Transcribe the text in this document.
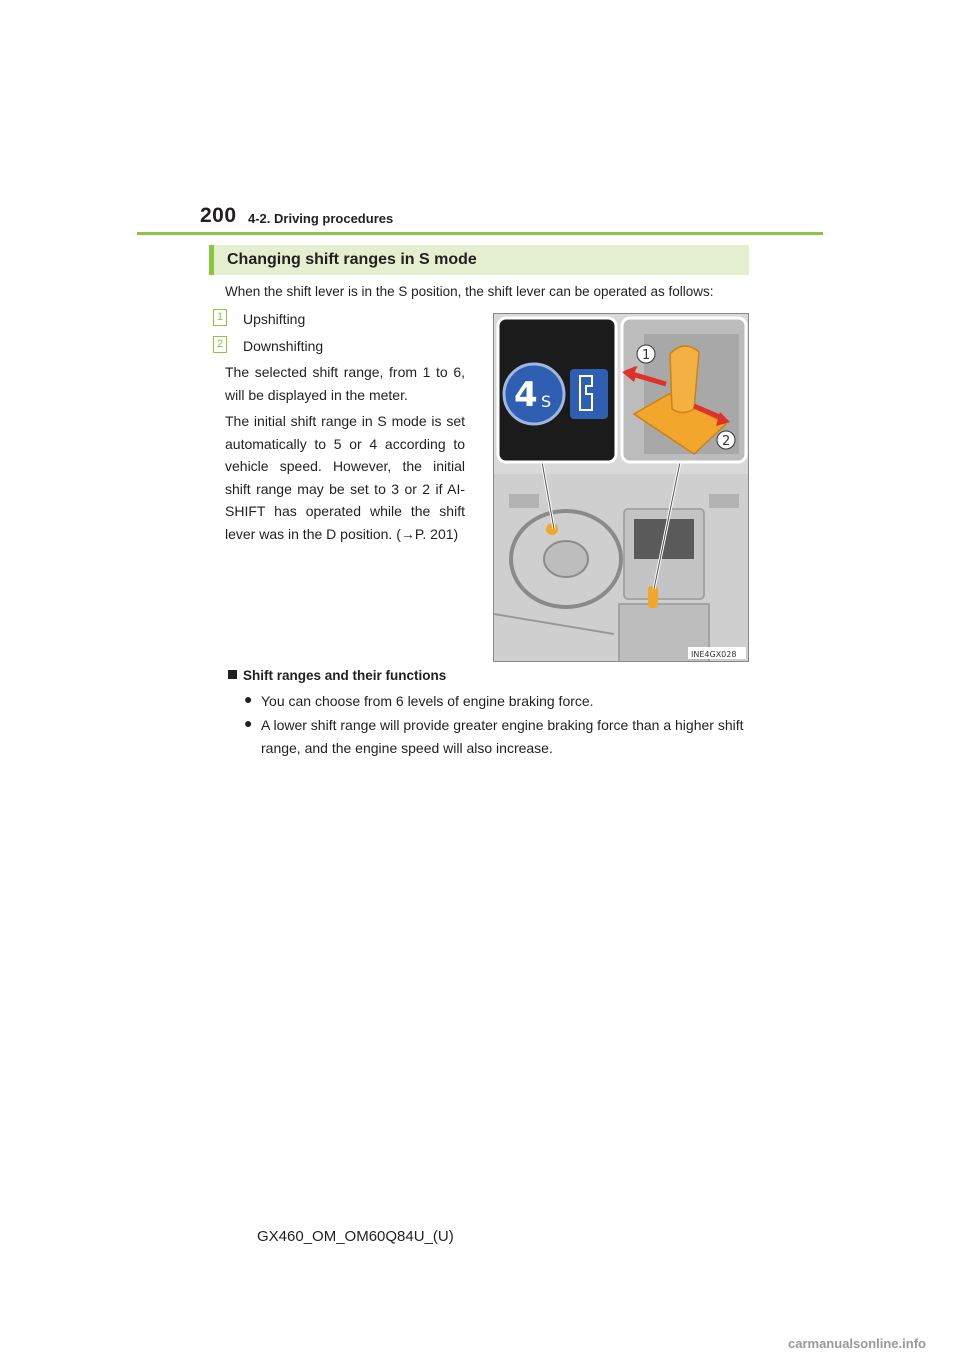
200 4-2. Driving procedures
Changing shift ranges in S mode
When the shift lever is in the S position, the shift lever can be operated as follows:
1 Upshifting
2 Downshifting
The selected shift range, from 1 to 6, will be displayed in the meter.
The initial shift range in S mode is set automatically to 5 or 4 according to vehicle speed. However, the initial shift range may be set to 3 or 2 if AI-SHIFT has operated while the shift lever was in the D position. (→P. 201)
4 S
1
2
INE4GX028
Shift ranges and their functions
● You can choose from 6 levels of engine braking force.
● A lower shift range will provide greater engine braking force than a higher shift range, and the engine speed will also increase.
GX460_OM_OM60Q84U_(U)
carmanualsonline.info
